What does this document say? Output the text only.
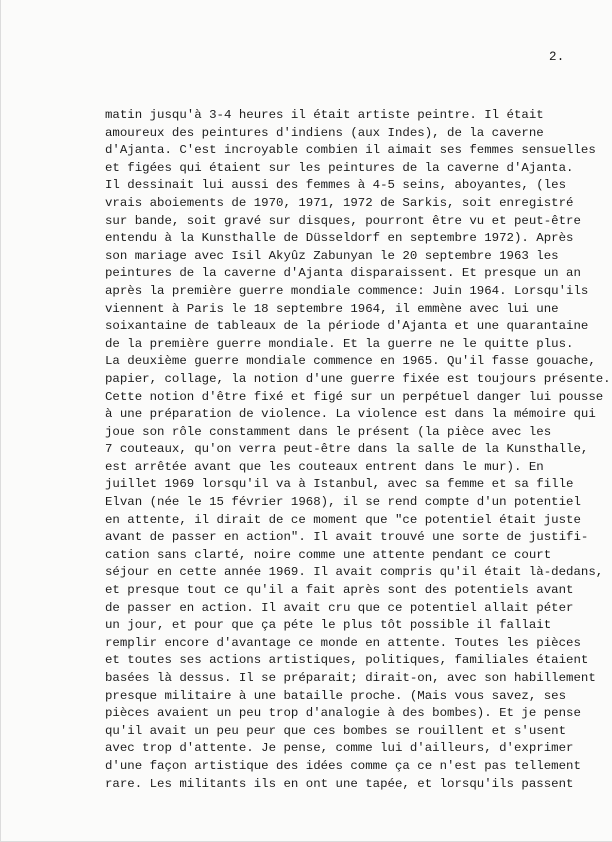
2.
matin jusqu'à 3-4 heures il était artiste peintre. Il était
amoureux des peintures d'indiens (aux Indes), de la caverne
d'Ajanta. C'est incroyable combien il aimait ses femmes sensuelles
et figées qui étaient sur les peintures de la caverne d'Ajanta.
Il dessinait lui aussi des femmes à 4-5 seins, aboyantes, (les
vrais aboiements de 1970, 1971, 1972 de Sarkis, soit enregistré
sur bande, soit gravé sur disques, pourront être vu et peut-être
entendu à la Kunsthalle de Düsseldorf en septembre 1972). Après
son mariage avec Isil Akyûz Zabunyan le 20 septembre 1963 les
peintures de la caverne d'Ajanta disparaissent. Et presque un an
après la première guerre mondiale commence: Juin 1964. Lorsqu'ils
viennent à Paris le 18 septembre 1964, il emmène avec lui une
soixantaine de tableaux de la période d'Ajanta et une quarantaine
de la première guerre mondiale. Et la guerre ne le quitte plus.
La deuxième guerre mondiale commence en 1965. Qu'il fasse gouache,
papier, collage, la notion d'une guerre fixée est toujours présente.
Cette notion d'être fixé et figé sur un perpétuel danger lui pousse
à une préparation de violence. La violence est dans la mémoire qui
joue son rôle constamment dans le présent (la pièce avec les
7 couteaux, qu'on verra peut-être dans la salle de la Kunsthalle,
est arrêtée avant que les couteaux entrent dans le mur). En
juillet 1969 lorsqu'il va à Istanbul, avec sa femme et sa fille
Elvan (née le 15 février 1968), il se rend compte d'un potentiel
en attente, il dirait de ce moment que "ce potentiel était juste
avant de passer en action". Il avait trouvé une sorte de justifi-
cation sans clarté, noire comme une attente pendant ce court
séjour en cette année 1969. Il avait compris qu'il était là-dedans,
et presque tout ce qu'il a fait après sont des potentiels avant
de passer en action. Il avait cru que ce potentiel allait péter
un jour, et pour que ça péte le plus tôt possible il fallait
remplir encore d'avantage ce monde en attente. Toutes les pièces
et toutes ses actions artistiques, politiques, familiales étaient
basées là dessus. Il se préparait; dirait-on, avec son habillement
presque militaire à une bataille proche. (Mais vous savez, ses
pièces avaient un peu trop d'analogie à des bombes). Et je pense
qu'il avait un peu peur que ces bombes se rouillent et s'usent
avec trop d'attente. Je pense, comme lui d'ailleurs, d'exprimer
d'une façon artistique des idées comme ça ce n'est pas tellement
rare. Les militants ils en ont une tapée, et lorsqu'ils passent
